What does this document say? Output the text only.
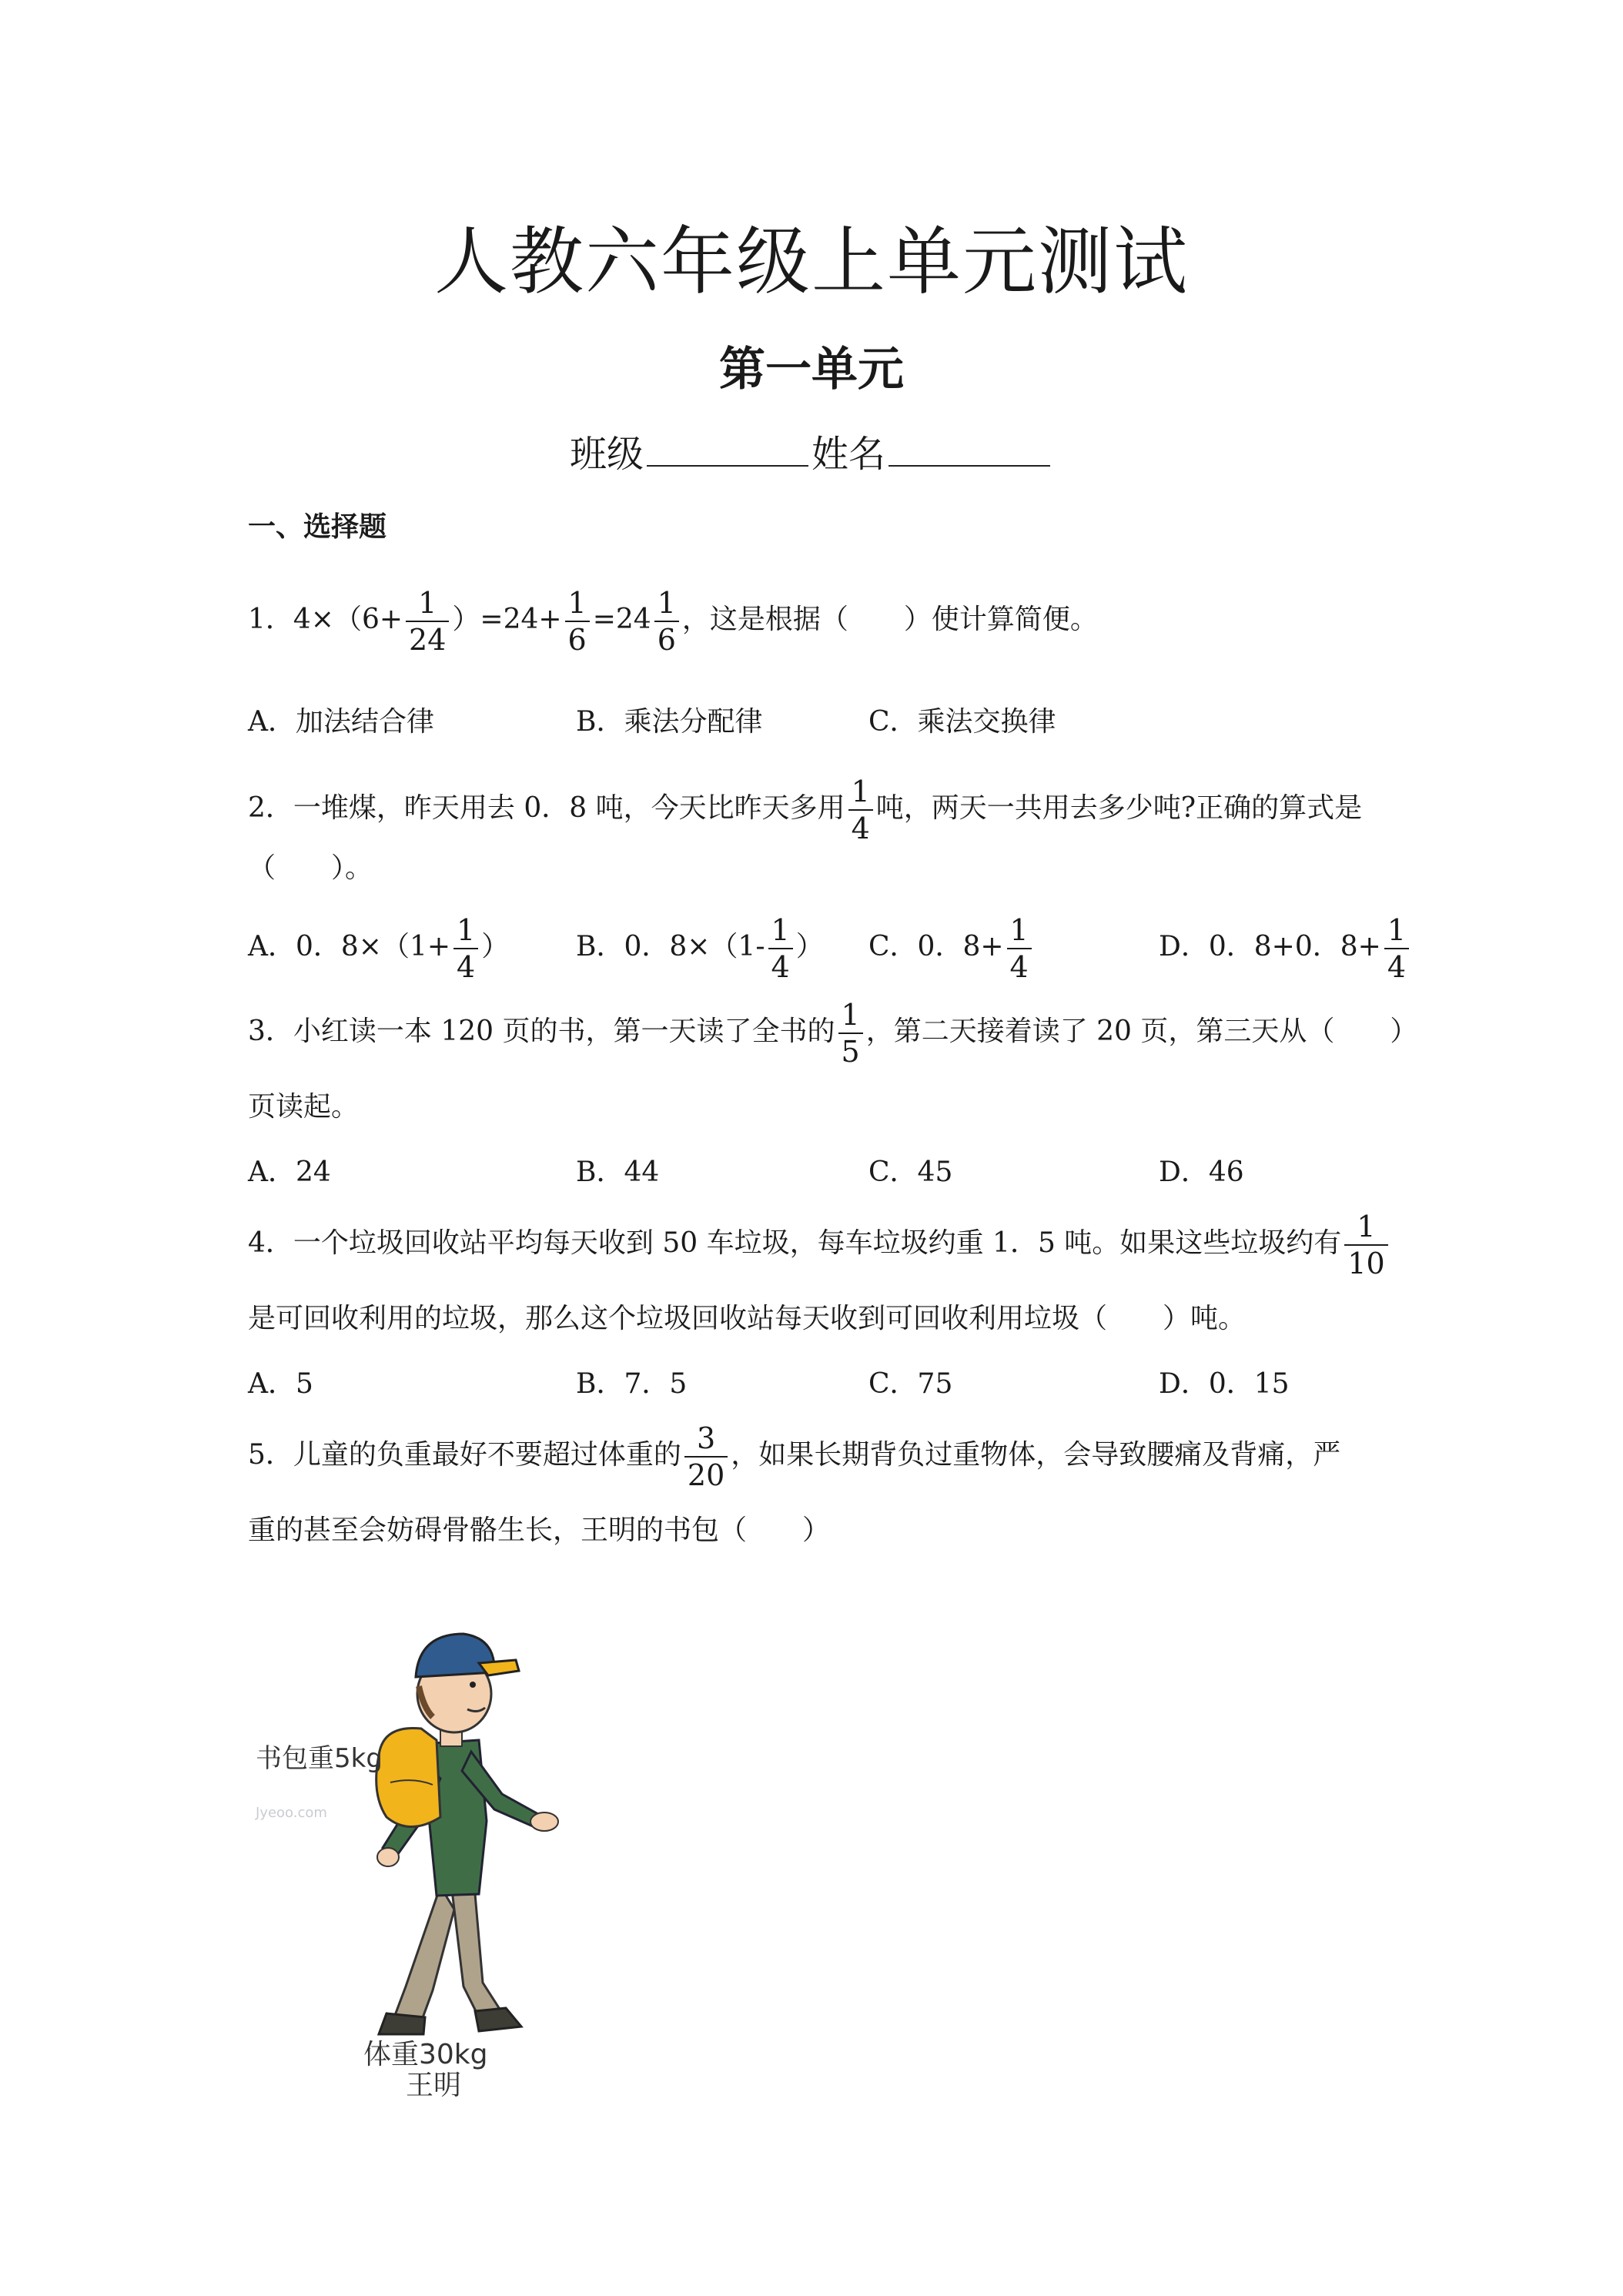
人教六年级上单元测试
第一单元
班级	姓名
一、选择题
1．$4\times(6+ \frac{1}{24} )=24+ \frac{1}{6} =24 \frac{1}{6}$ ，这是根据（　　）使计算简便。
A．加法结合律	B．乘法分配律	C．乘法交换律
2．一堆煤，昨天用去 0．8 吨，今天比昨天多用 $\frac{1}{4}$ 吨，两天一共用去多少吨?正确的算式是
（　　）。
A．0．$8\times(1+ \frac{1}{4}$ ） B．0．$8\times(1- \frac{1}{4}$ ） C．0．$8+ \frac{1}{4}$	D．0．8+0．$8+ \frac{1}{4}$
3．小红读一本 120 页的书，第一天读了全书的 $\frac{1}{5}$ ，第二天接着读了 20 页，第三天从（　　）
页读起。
A．24	B．44	C．45	D．46
4．一个垃圾回收站平均每天收到 50 车垃圾，每车垃圾约重 1．5 吨。如果这些垃圾约有 $\frac{1}{10}$
是可回收利用的垃圾，那么这个垃圾回收站每天收到可回收利用垃圾（　　）吨。
A．5	B．7．5	C．75	D．0．15
5．儿童的负重最好不要超过体重的 $\frac{3}{20}$ ，如果长期背负过重物体，会导致腰痛及背痛，严
重的甚至会妨碍骨骼生长，王明的书包（　　）
书包重5kg
Jyeoo.com
体重30kg
王明
